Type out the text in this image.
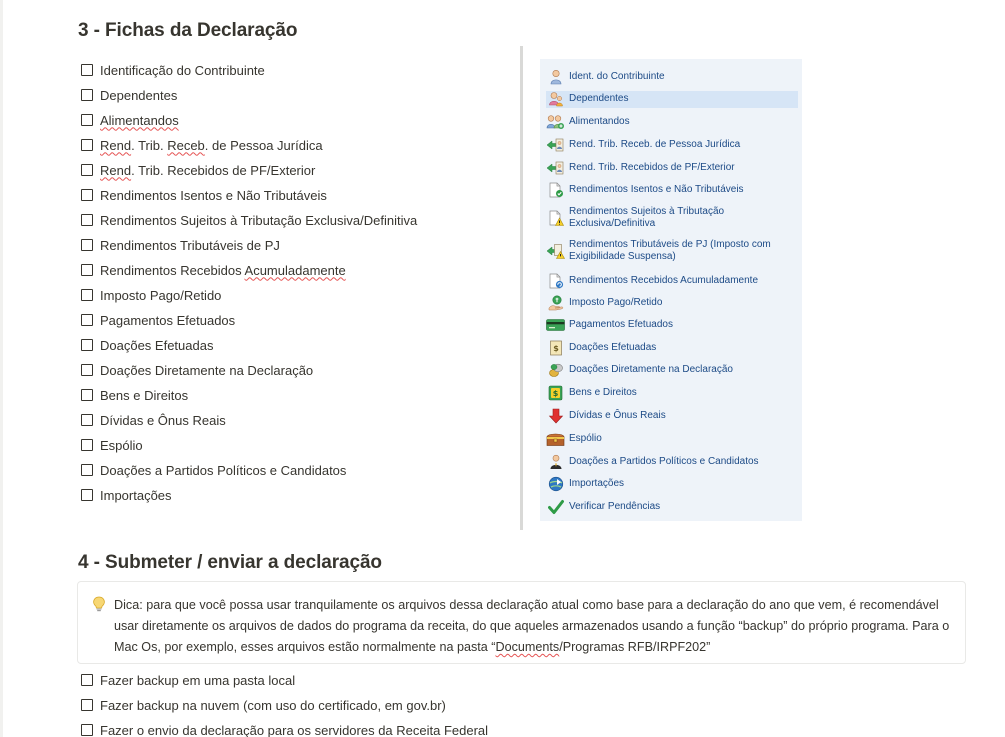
3 - Fichas da Declaração
Identificação do Contribuinte
Dependentes
Alimentandos
Rend. Trib. Receb. de Pessoa Jurídica
Rend. Trib. Recebidos de PF/Exterior
Rendimentos Isentos e Não Tributáveis
Rendimentos Sujeitos à Tributação Exclusiva/Definitiva
Rendimentos Tributáveis de PJ
Rendimentos Recebidos Acumuladamente
Imposto Pago/Retido
Pagamentos Efetuados
Doações Efetuadas
Doações Diretamente na Declaração
Bens e Direitos
Dívidas e Ônus Reais
Espólio
Doações a Partidos Políticos e Candidatos
Importações
Ident. do Contribuinte
Dependentes
Alimentandos
Rend. Trib. Receb. de Pessoa Jurídica
Rend. Trib. Recebidos de PF/Exterior
Rendimentos Isentos e Não Tributáveis
Rendimentos Sujeitos à Tributação Exclusiva/Definitiva
Rendimentos Tributáveis de PJ (Imposto com Exigibilidade Suspensa)
Rendimentos Recebidos Acumuladamente
Imposto Pago/Retido
Pagamentos Efetuados
$ Doações Efetuadas
Doações Diretamente na Declaração
$ Bens e Direitos
Dívidas e Ônus Reais
Espólio
Doações a Partidos Políticos e Candidatos
Importações
Verificar Pendências
4 - Submeter / enviar a declaração
Dica: para que você possa usar tranquilamente os arquivos dessa declaração atual como base para a declaração do ano que vem, é recomendável usar diretamente os arquivos de dados do programa da receita, do que aqueles armazenados usando a função “backup” do próprio programa. Para o Mac Os, por exemplo, esses arquivos estão normalmente na pasta “Documents/Programas RFB/IRPF202”
Fazer backup em uma pasta local
Fazer backup na nuvem (com uso do certificado, em gov.br)
Fazer o envio da declaração para os servidores da Receita Federal
